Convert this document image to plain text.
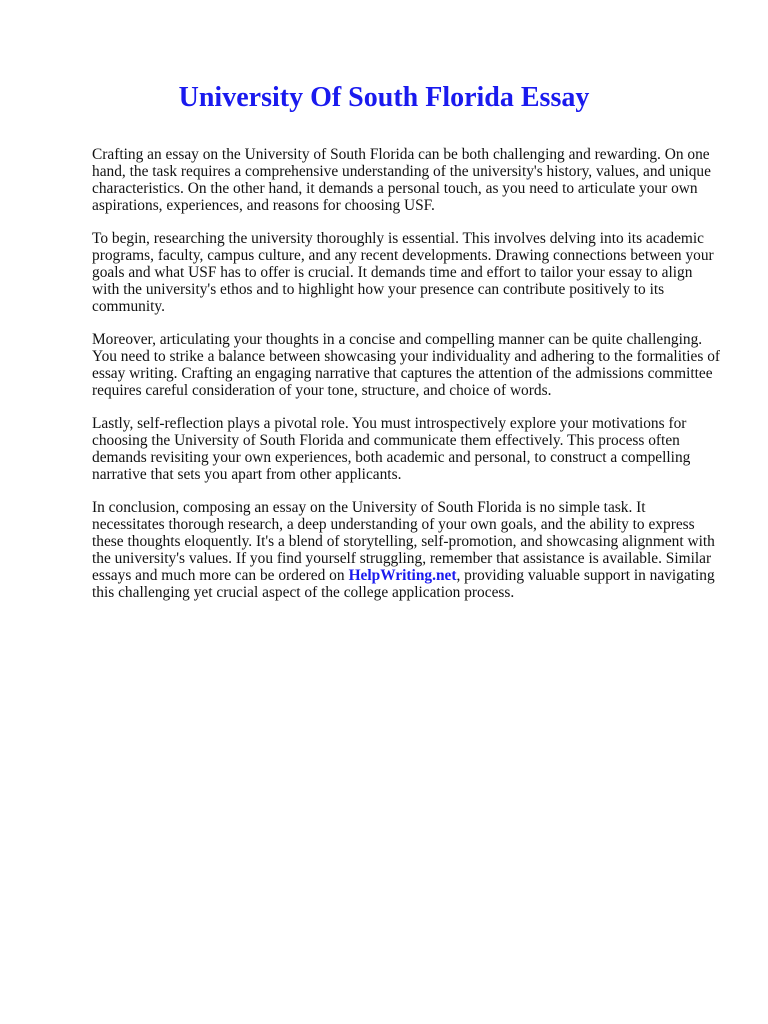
University Of South Florida Essay

Crafting an essay on the University of South Florida can be both challenging and rewarding. On one hand, the task requires a comprehensive understanding of the university's history, values, and unique characteristics. On the other hand, it demands a personal touch, as you need to articulate your own aspirations, experiences, and reasons for choosing USF.

To begin, researching the university thoroughly is essential. This involves delving into its academic programs, faculty, campus culture, and any recent developments. Drawing connections between your goals and what USF has to offer is crucial. It demands time and effort to tailor your essay to align with the university's ethos and to highlight how your presence can contribute positively to its community.

Moreover, articulating your thoughts in a concise and compelling manner can be quite challenging. You need to strike a balance between showcasing your individuality and adhering to the formalities of essay writing. Crafting an engaging narrative that captures the attention of the admissions committee requires careful consideration of your tone, structure, and choice of words.

Lastly, self-reflection plays a pivotal role. You must introspectively explore your motivations for choosing the University of South Florida and communicate them effectively. This process often demands revisiting your own experiences, both academic and personal, to construct a compelling narrative that sets you apart from other applicants.

In conclusion, composing an essay on the University of South Florida is no simple task. It necessitates thorough research, a deep understanding of your own goals, and the ability to express these thoughts eloquently. It's a blend of storytelling, self-promotion, and showcasing alignment with the university's values. If you find yourself struggling, remember that assistance is available. Similar essays and much more can be ordered on HelpWriting.net, providing valuable support in navigating this challenging yet crucial aspect of the college application process.
